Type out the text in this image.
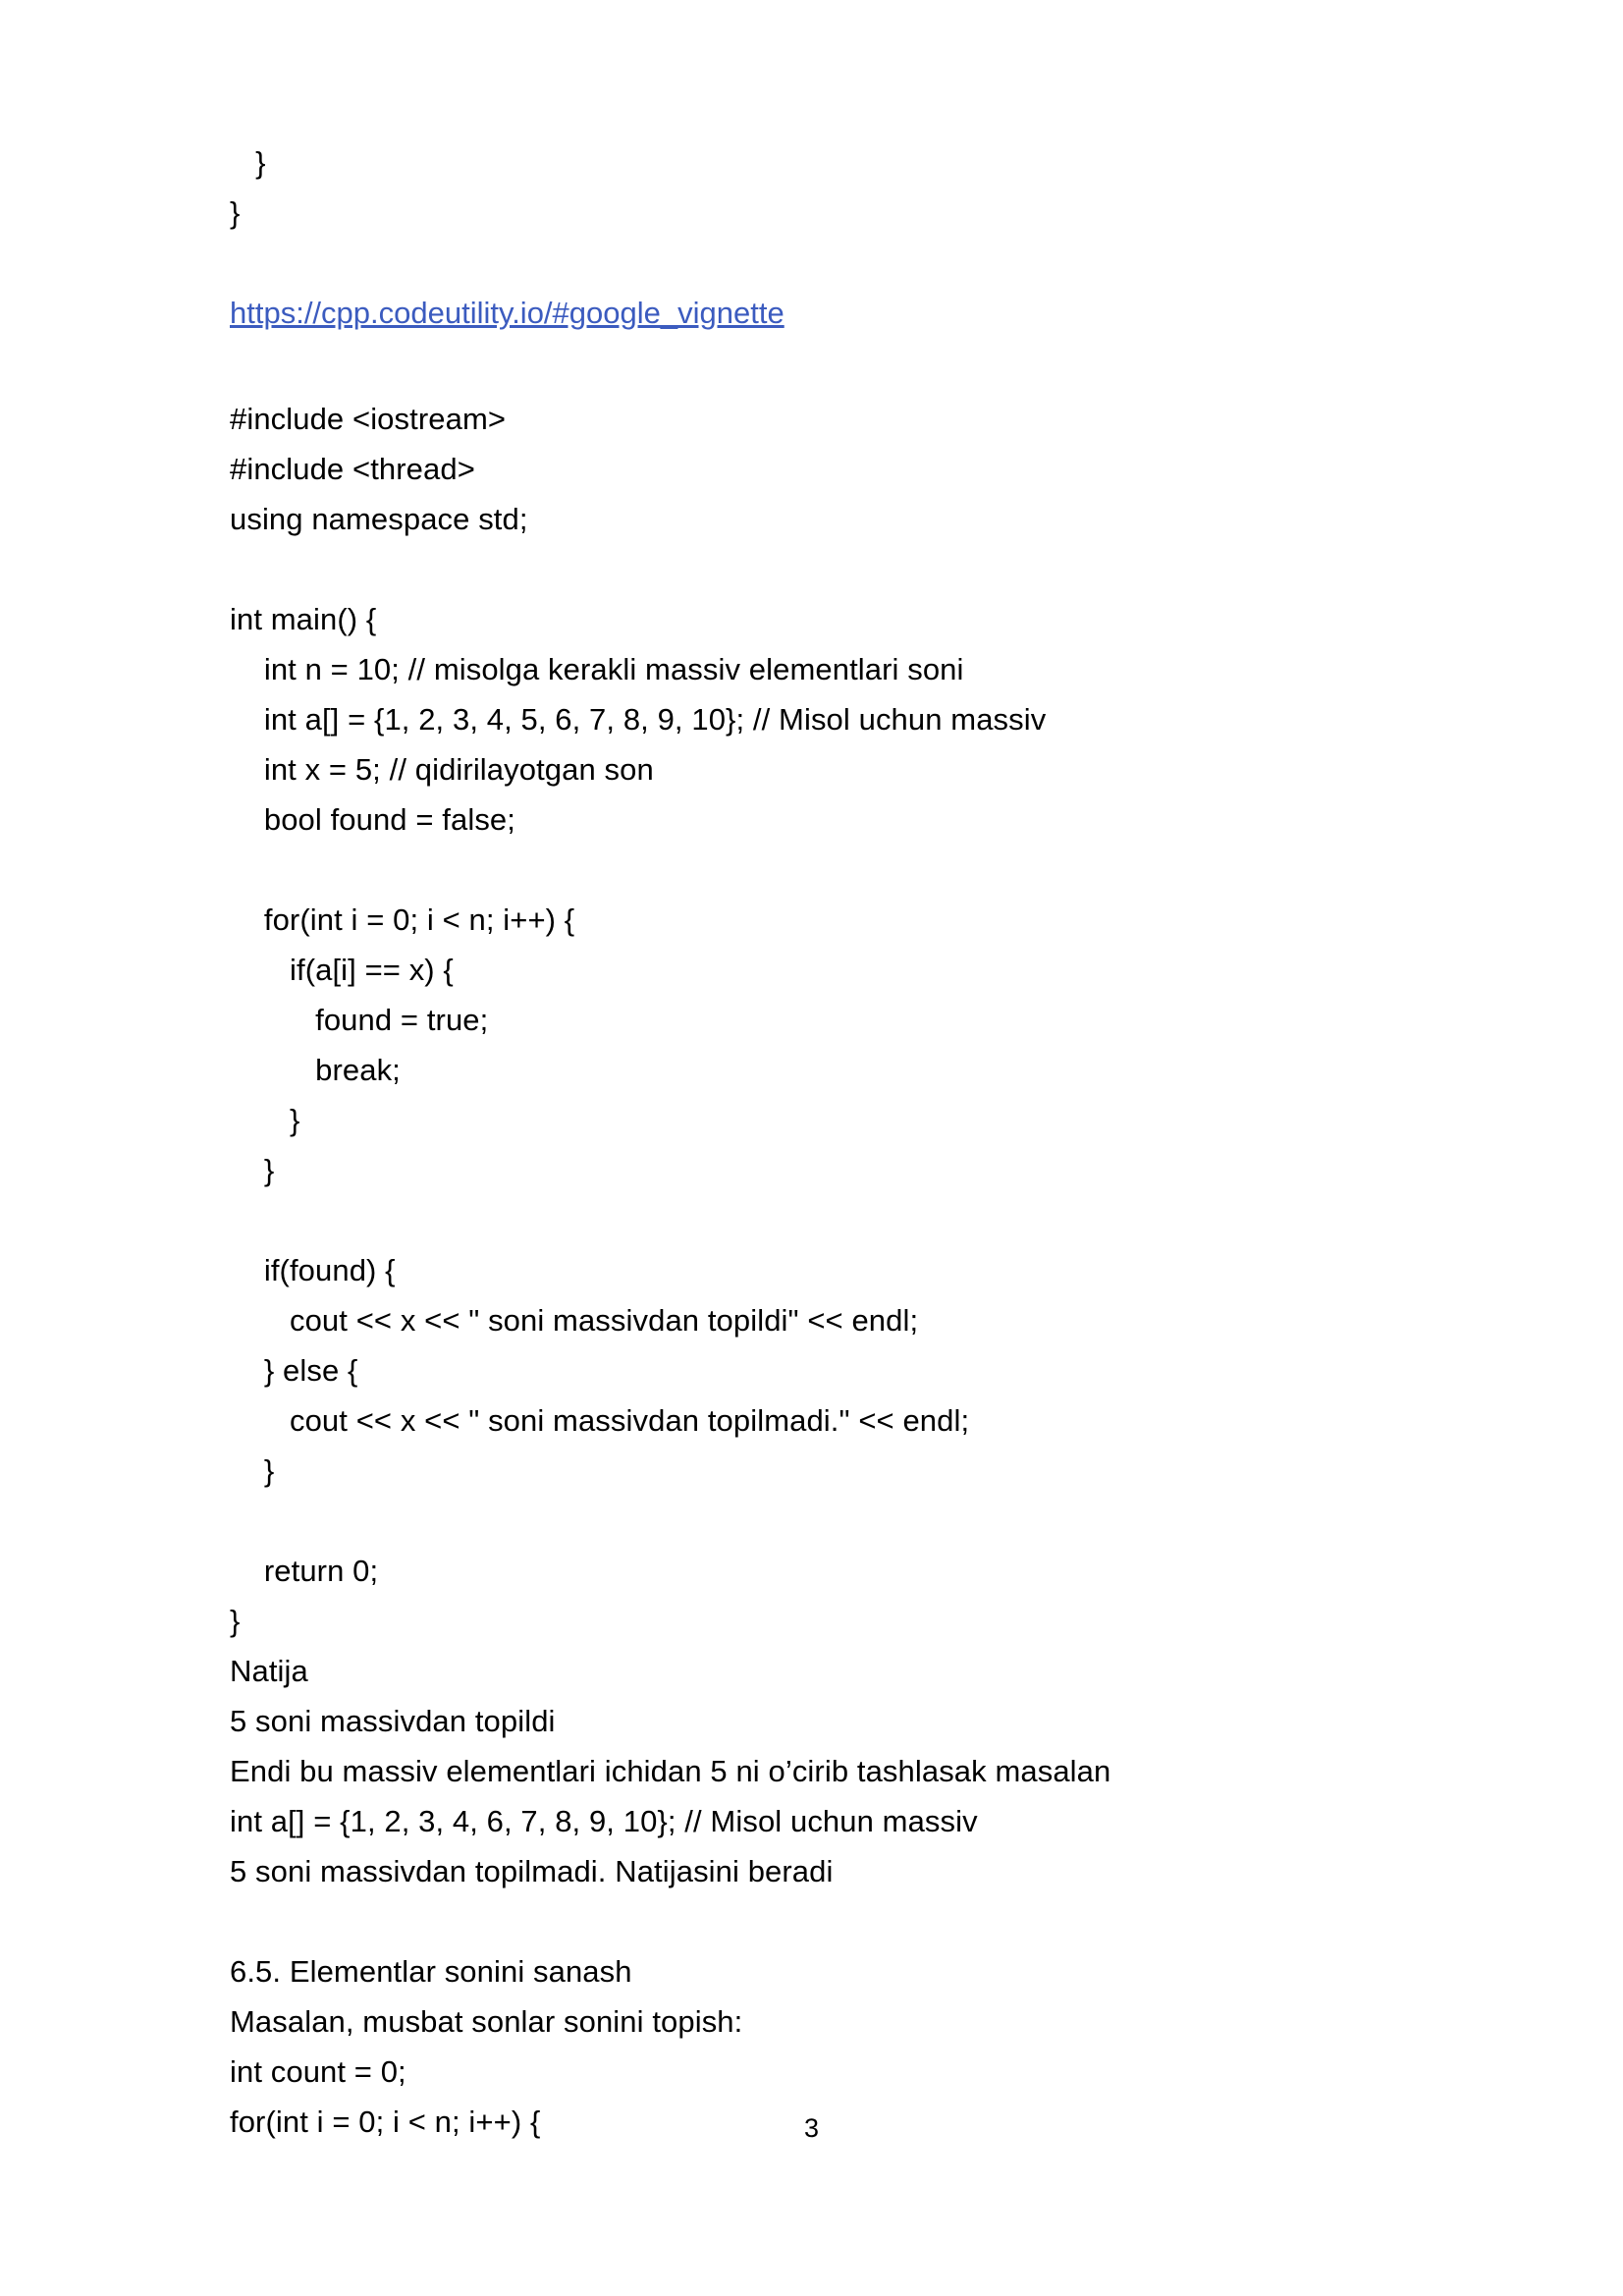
}
}

https://cpp.codeutility.io/#google_vignette

#include <iostream>
#include <thread>
using namespace std;

int main() {
int n = 10; // misolga kerakli massiv elementlari soni
int a[] = {1, 2, 3, 4, 5, 6, 7, 8, 9, 10}; // Misol uchun massiv
int x = 5; // qidirilayotgan son
bool found = false;

for(int i = 0; i < n; i++) {
if(a[i] == x) {
found = true;
break;
}
}

if(found) {
cout << x << " soni massivdan topildi" << endl;
} else {
cout << x << " soni massivdan topilmadi." << endl;
}

return 0;
}
Natija
5 soni massivdan topildi
Endi bu massiv elementlari ichidan 5 ni o’cirib tashlasak masalan
int a[] = {1, 2, 3, 4, 6, 7, 8, 9, 10}; // Misol uchun massiv
5 soni massivdan topilmadi. Natijasini beradi

6.5. Elementlar sonini sanash
Masalan, musbat sonlar sonini topish:
int count = 0;
for(int i = 0; i < n; i++) {	3
